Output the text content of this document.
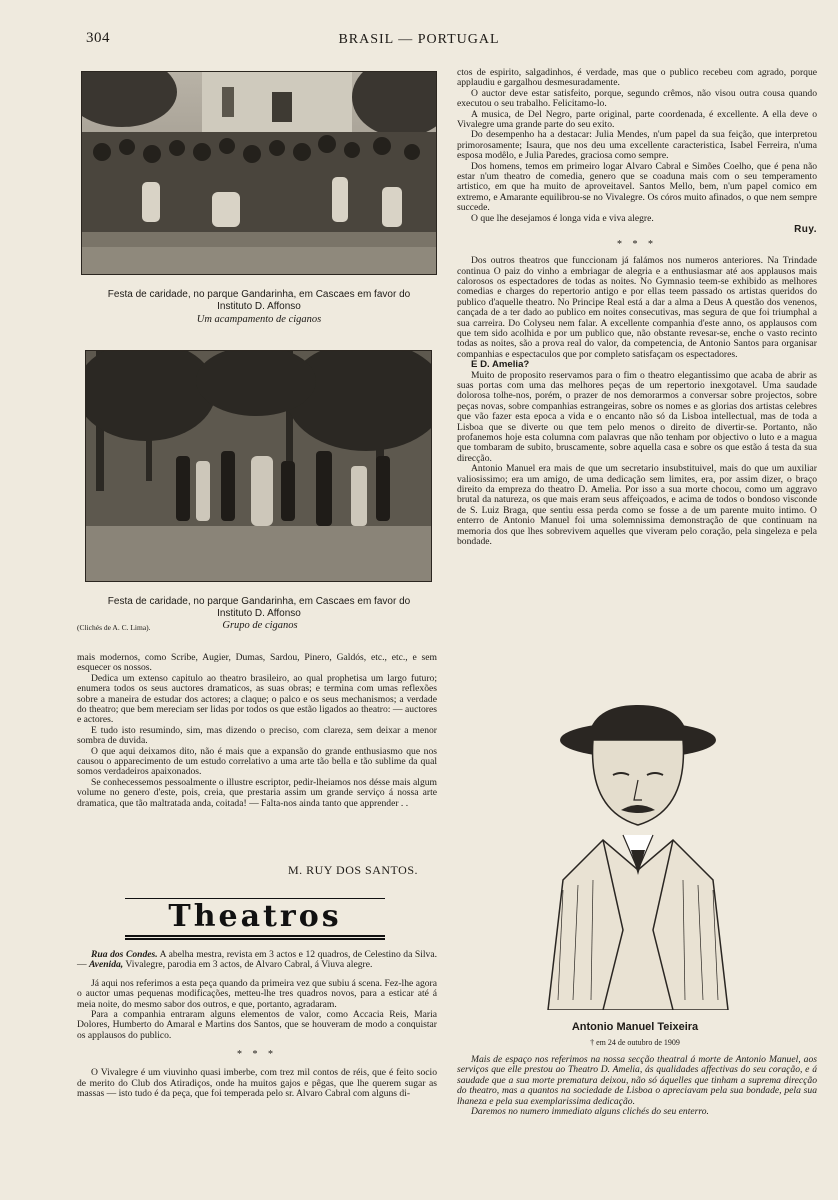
304	BRASIL — PORTUGAL
Festa de caridade, no parque Gandarinha, em Cascaes em favor do Instituto D. Affonso
Um acampamento de ciganos
Festa de caridade, no parque Gandarinha, em Cascaes em favor do Instituto D. Affonso
(Clichés de A. C. Lima).	Grupo de ciganos

mais modernos, como Scribe, Augier, Dumas, Sardou, Pinero, Galdós, etc., etc., e sem esquecer os nossos.

Dedica um extenso capitulo ao theatro brasileiro, ao qual prophetisa um largo futuro; enumera todos os seus auctores dramaticos, as suas obras; e termina com umas reflexões sobre a maneira de estudar dos actores; a claque; o palco e os seus mechanismos; a verdade do theatro; que bem mereciam ser lidas por todos os que estão ligados ao theatro: — auctores e actores.

E tudo isto resumindo, sim, mas dizendo o preciso, com clareza, sem deixar a menor sombra de duvida.

O que aqui deixamos dito, não é mais que a expansão do grande enthusiasmo que nos causou o apparecimento de um estudo correlativo a uma arte tão bella e tão sublime da qual somos verdadeiros apaixonados.

Se conhecessemos pessoalmente o illustre escriptor, pedir-lheiamos nos désse mais algum volume no genero d'este, pois, creia, que prestaria assim um grande serviço á nossa arte dramatica, que tão maltratada anda, coitada! — Falta-nos ainda tanto que apprender . .

M. RUY DOS SANTOS.
Theatros

Rua dos Condes. A abelha mestra, revista em 3 actos e 12 quadros, de Celestino da Silva. — Avenida, Vivalegre, parodia em 3 actos, de Alvaro Cabral, á Viuva alegre.

Já aqui nos referimos a esta peça quando da primeira vez que subiu á scena. Fez-lhe agora o auctor umas pequenas modificações, metteu-lhe tres quadros novos, para a esticar até á meia noite, do mesmo sabor dos outros, e que, portanto, agradaram.

Para a companhia entraram alguns elementos de valor, como Accacia Reis, Maria Dolores, Humberto do Amaral e Martins dos Santos, que se houveram de modo a conquistar os applausos do publico.

* * *

O Vivalegre é um viuvinho quasi imberbe, com trez mil contos de réis, que é feito socio de merito do Club dos Atiradiços, onde ha muitos gajos e pêgas, que lhe querem sugar as massas — isto tudo é da peça, que foi temperada pelo sr. Alvaro Cabral com alguns di-

ctos de espirito, salgadinhos, é verdade, mas que o publico recebeu com agrado, porque applaudiu e gargalhou desmesuradamente.

O auctor deve estar satisfeito, porque, segundo crêmos, não visou outra cousa quando executou o seu trabalho. Felicitamo-lo.

A musica, de Del Negro, parte original, parte coordenada, é excellente. A ella deve o Vivalegre uma grande parte do seu exito.

Do desempenho ha a destacar: Julia Mendes, n'um papel da sua feição, que interpretou primorosamente; Isaura, que nos deu uma excellente caracteristica, Isabel Ferreira, n'uma esposa modêlo, e Julia Paredes, graciosa como sempre.

Dos homens, temos em primeiro logar Alvaro Cabral e Simões Coelho, que é pena não estar n'um theatro de comedia, genero que se coaduna mais com o seu temperamento artistico, em que ha muito de aproveitavel. Santos Mello, bem, n'um papel comico em extremo, e Amarante equilibrou-se no Vivalegre. Os córos muito afinados, o que nem sempre succede.

O que lhe desejamos é longa vida e viva alegre.

Ruy.
* * *

Dos outros theatros que funccionam já falámos nos numeros anteriores. Na Trindade continua O paiz do vinho a embriagar de alegria e a enthusiasmar até aos applausos mais calorosos os espectadores de todas as noites. No Gymnasio teem-se exhibido as melhores comedias e charges do repertorio antigo e por ellas teem passado os artistas queridos do publico d'aquelle theatro. No Principe Real está a dar a alma a Deus A questão dos venenos, cançada de a ter dado ao publico em noites consecutivas, mas segura de que foi triumphal a sua carreira. Do Colyseu nem falar. A excellente companhia d'este anno, os applausos com que tem sido acolhida e por um publico que, não obstante revesar-se, enche o vasto recinto todas as noites, são a prova real do valor, da competencia, de Antonio Santos para organisar companhias e espectaculos que por completo satisfaçam os espectadores.

E D. Amelia?

Muito de proposito reservamos para o fim o theatro elegantissimo que acaba de abrir as suas portas com uma das melhores peças de um repertorio inexgotavel. Uma saudade dolorosa tolhe-nos, porém, o prazer de nos demorarmos a conversar sobre projectos, sobre peças novas, sobre companhias estrangeiras, sobre os nomes e as glorias dos artistas celebres que vão fazer esta epoca a vida e o encanto não só da Lisboa intellectual, mas de toda a Lisboa que se diverte ou que tem pelo menos o direito de divertir-se. Portanto, não profanemos hoje esta columna com palavras que não tenham por objectivo o luto e a magua que tombaram de subito, bruscamente, sobre aquella casa e sobre os que estão á testa da sua direcção.

Antonio Manuel era mais de que um secretario insubstituivel, mais do que um auxiliar valiosissimo; era um amigo, de uma dedicação sem limites, era, por assim dizer, o braço direito da empreza do theatro D. Amelia. Por isso a sua morte chocou, como um aggravo brutal da natureza, os que mais eram seus affeiçoados, e acima de todos o bondoso visconde de S. Luiz Braga, que sentiu essa perda como se fosse a de um parente muito intimo. O enterro de Antonio Manuel foi uma solemnissima demonstração de que continuam na memoria dos que lhes sobrevivem aquelles que viveram pelo coração, pela singeleza e pela bondade.

Antonio Manuel Teixeira
† em 24 de outubro de 1909

Mais de espaço nos referimos na nossa secção theatral á morte de Antonio Manuel, aos serviços que elle prestou ao Theatro D. Amelia, ás qualidades affectivas do seu coração, e á saudade que a sua morte prematura deixou, não só áquelles que tinham a suprema direcção do theatro, mas a quantos na sociedade de Lisboa o apreciavam pela sua bondade, pela sua lhaneza e pela sua exemplarissima dedicação.

Daremos no numero immediato alguns clichés do seu enterro.
